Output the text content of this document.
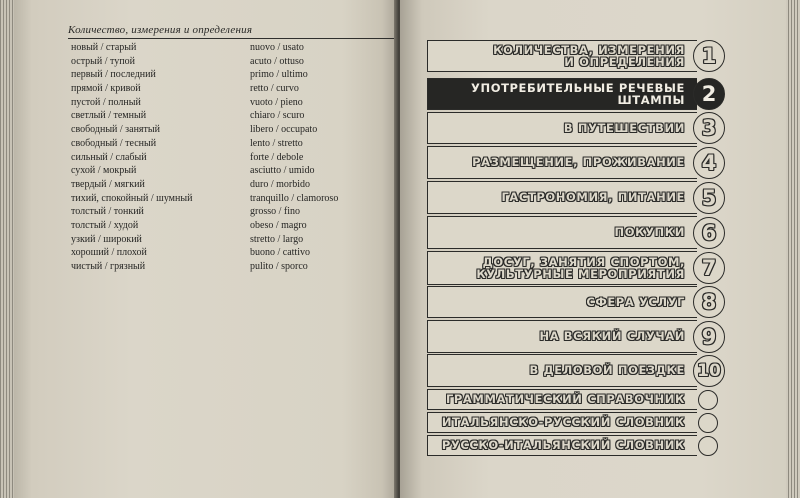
Количество, измерения и определения
новый / старый	nuovo / usato
острый / тупой	acuto / ottuso
первый / последний	primo / ultimo
прямой / кривой	retto / curvo
пустой / полный	vuoto / pieno
светлый / темный	chiaro / scuro
свободный / занятый	libero / occupato
свободный / тесный	lento / stretto
сильный / слабый	forte / debole
сухой / мокрый	asciutto / umido
твердый / мягкий	duro / morbido
тихий, спокойный / шумный	tranquillo / clamoroso
толстый / тонкий	grosso / fino
толстый / худой	obeso / magro
узкий / широкий	stretto / largo
хороший / плохой	buono / cattivo
чистый / грязный	pulito / sporco
КОЛИЧЕСТВА, ИЗМЕРЕНИЯ
И ОПРЕДЕЛЕНИЯ 1
УПОТРЕБИТЕЛЬНЫЕ РЕЧЕВЫЕ
ШТАМПЫ 2
В ПУТЕШЕСТВИИ 3
РАЗМЕЩЕНИЕ, ПРОЖИВАНИЕ 4
ГАСТРОНОМИЯ, ПИТАНИЕ 5
ПОКУПКИ 6
ДОСУГ, ЗАНЯТИЯ СПОРТОМ,
КУЛЬТУРНЫЕ МЕРОПРИЯТИЯ 7
СФЕРА УСЛУГ 8
НА ВСЯКИЙ СЛУЧАЙ 9
В ДЕЛОВОЙ ПОЕЗДКЕ 10
ГРАММАТИЧЕСКИЙ СПРАВОЧНИК
ИТАЛЬЯНСКО-РУССКИЙ СЛОВНИК
РУССКО-ИТАЛЬЯНСКИЙ СЛОВНИК
